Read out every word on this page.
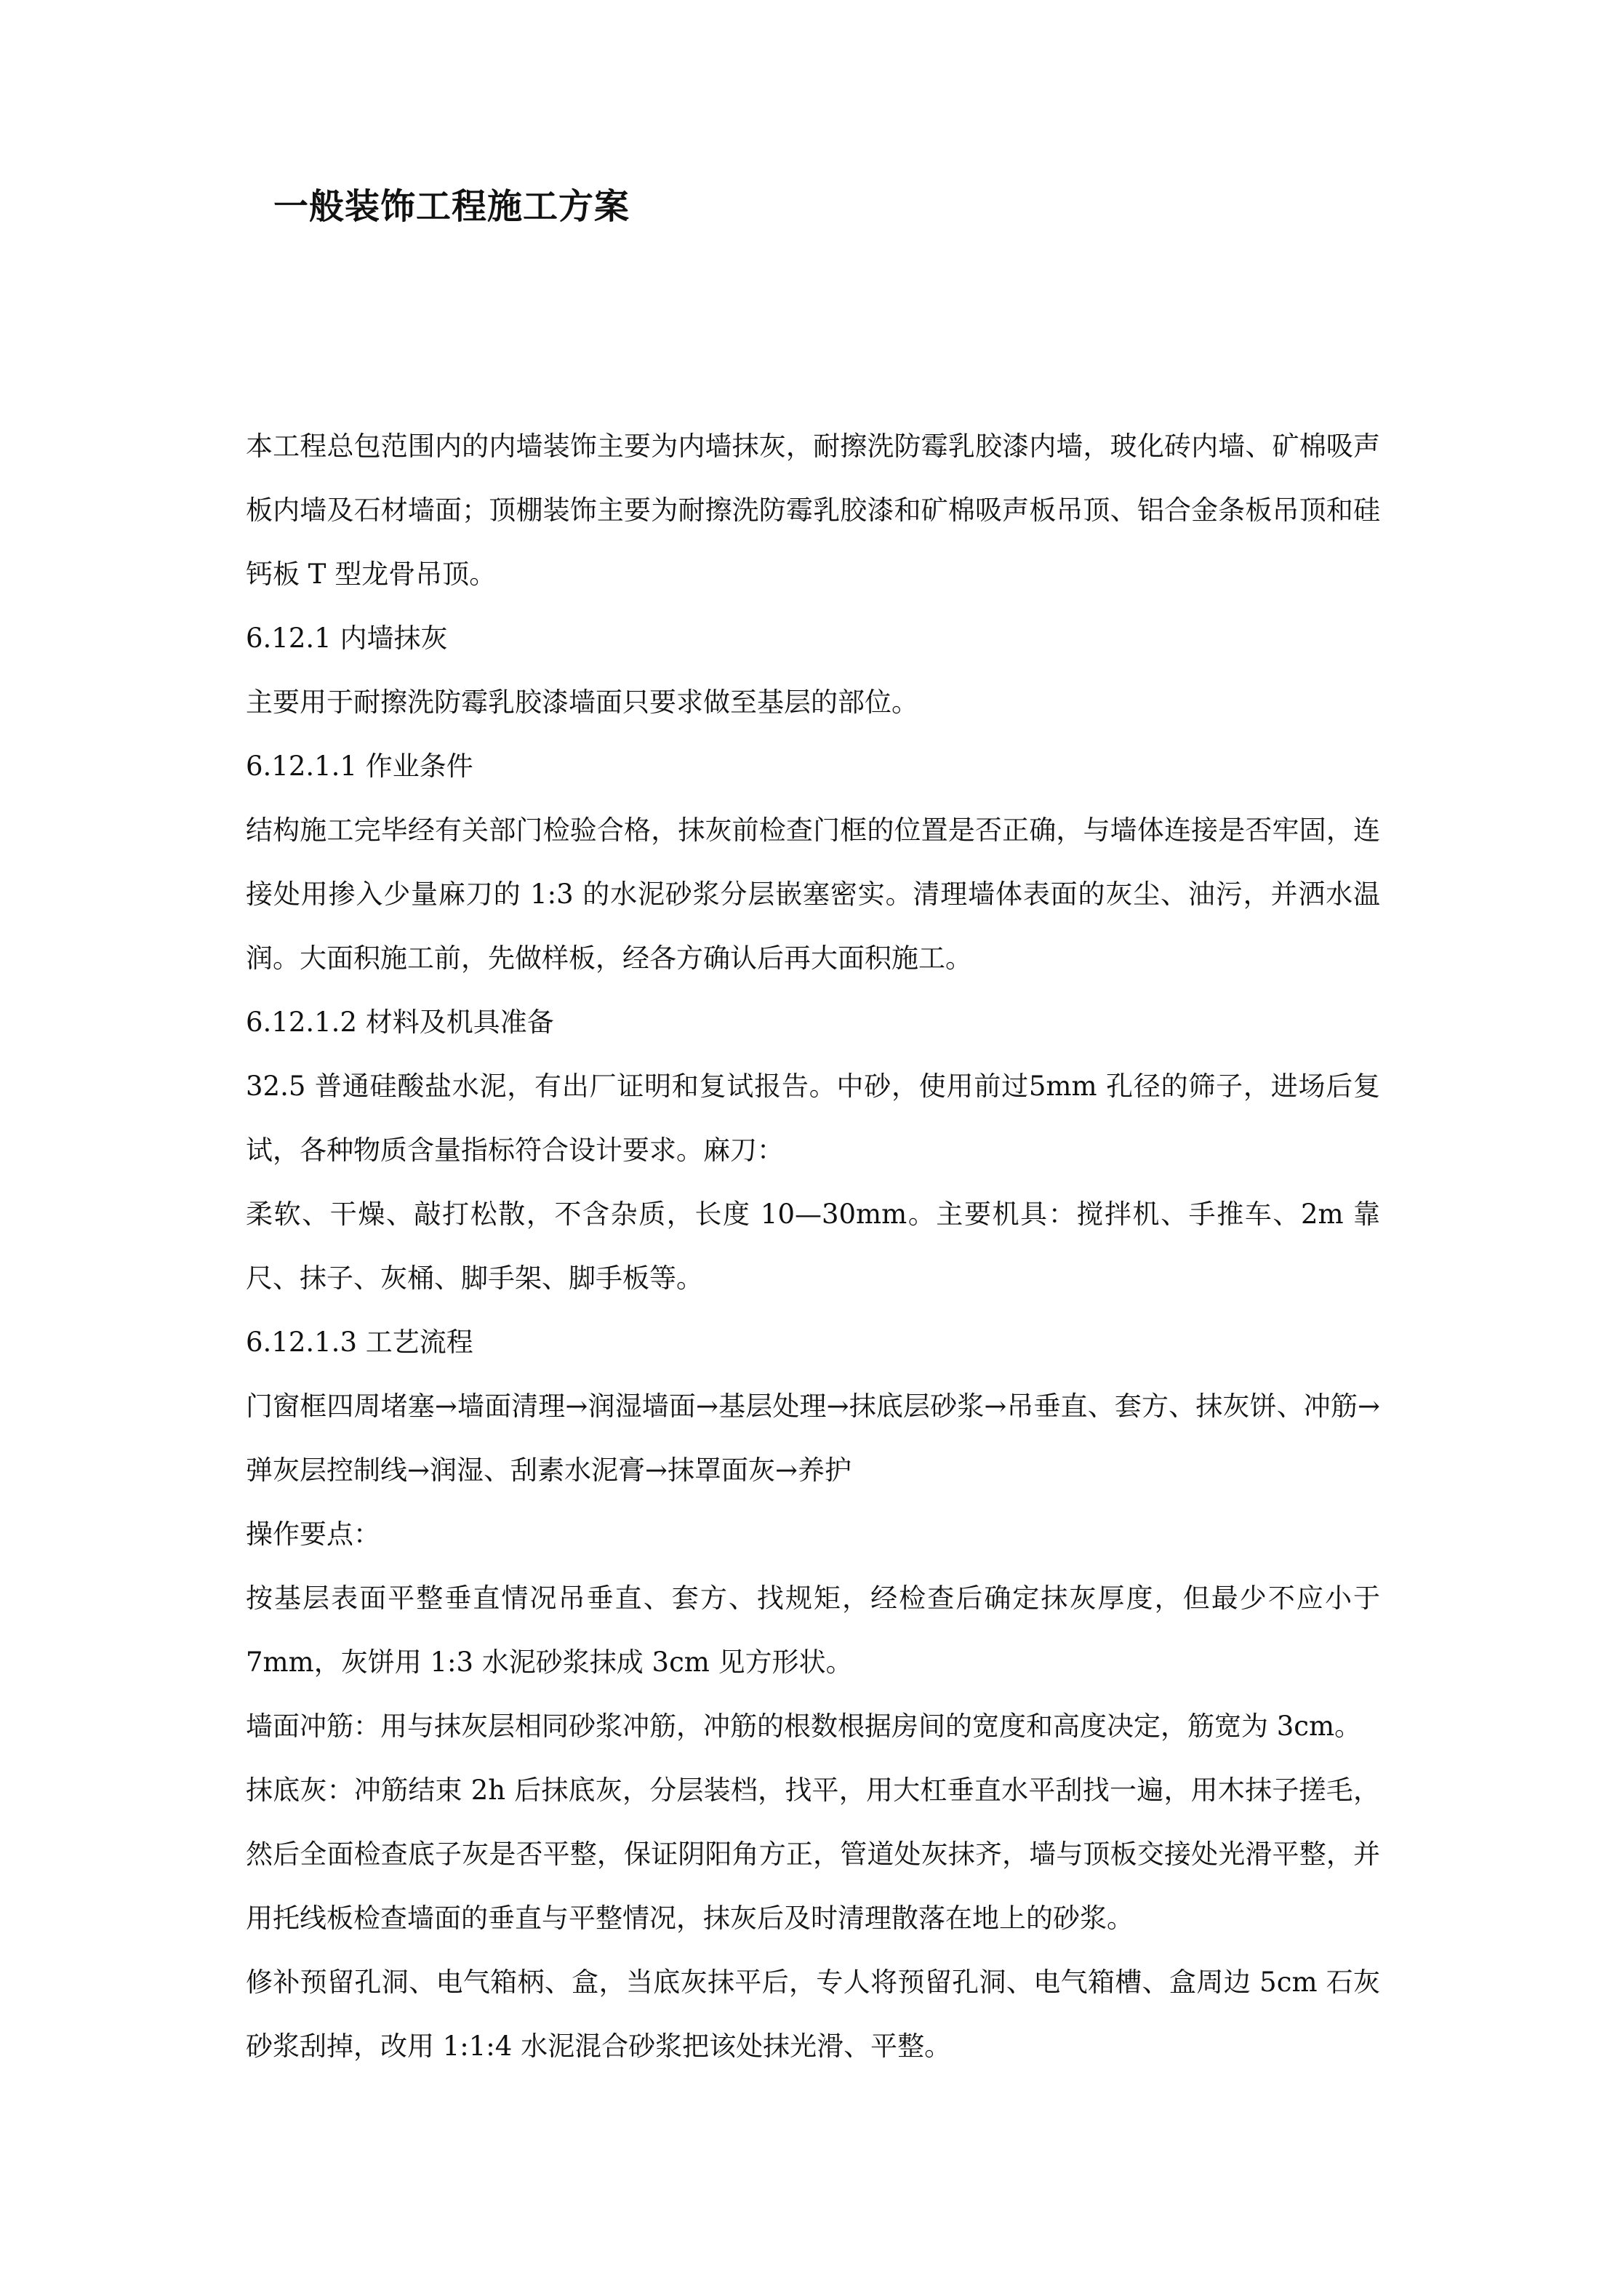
一般装饰工程施工方案

本工程总包范围内的内墙装饰主要为内墙抹灰，耐擦洗防霉乳胶漆内墙，玻化砖内墙、矿棉吸声板内墙及石材墙面；顶棚装饰主要为耐擦洗防霉乳胶漆和矿棉吸声板吊顶、铝合金条板吊顶和硅钙板 T 型龙骨吊顶。

6.12.1 内墙抹灰

主要用于耐擦洗防霉乳胶漆墙面只要求做至基层的部位。

6.12.1.1 作业条件

结构施工完毕经有关部门检验合格，抹灰前检查门框的位置是否正确，与墙体连接是否牢固，连接处用掺入少量麻刀的 1:3 的水泥砂浆分层嵌塞密实。清理墙体表面的灰尘、油污，并洒水温润。大面积施工前，先做样板，经各方确认后再大面积施工。

6.12.1.2 材料及机具准备

32.5 普通硅酸盐水泥，有出厂证明和复试报告。中砂，使用前过5mm 孔径的筛子，进场后复试，各种物质含量指标符合设计要求。麻刀：

柔软、干燥、敲打松散，不含杂质，长度 10—30mm。主要机具：搅拌机、手推车、2m 靠尺、抹子、灰桶、脚手架、脚手板等。

6.12.1.3 工艺流程

门窗框四周堵塞→墙面清理→润湿墙面→基层处理→抹底层砂浆→吊垂直、套方、抹灰饼、冲筋→弹灰层控制线→润湿、刮素水泥膏→抹罩面灰→养护

操作要点：

按基层表面平整垂直情况吊垂直、套方、找规矩，经检查后确定抹灰厚度，但最少不应小于7mm，灰饼用 1:3 水泥砂浆抹成 3cm 见方形状。

墙面冲筋：用与抹灰层相同砂浆冲筋，冲筋的根数根据房间的宽度和高度决定，筋宽为 3cm。

抹底灰：冲筋结束 2h 后抹底灰，分层装档，找平，用大杠垂直水平刮找一遍，用木抹子搓毛，然后全面检查底子灰是否平整，保证阴阳角方正，管道处灰抹齐，墙与顶板交接处光滑平整，并用托线板检查墙面的垂直与平整情况，抹灰后及时清理散落在地上的砂浆。

修补预留孔洞、电气箱柄、盒，当底灰抹平后，专人将预留孔洞、电气箱槽、盒周边 5cm 石灰砂浆刮掉，改用 1:1:4 水泥混合砂浆把该处抹光滑、平整。
